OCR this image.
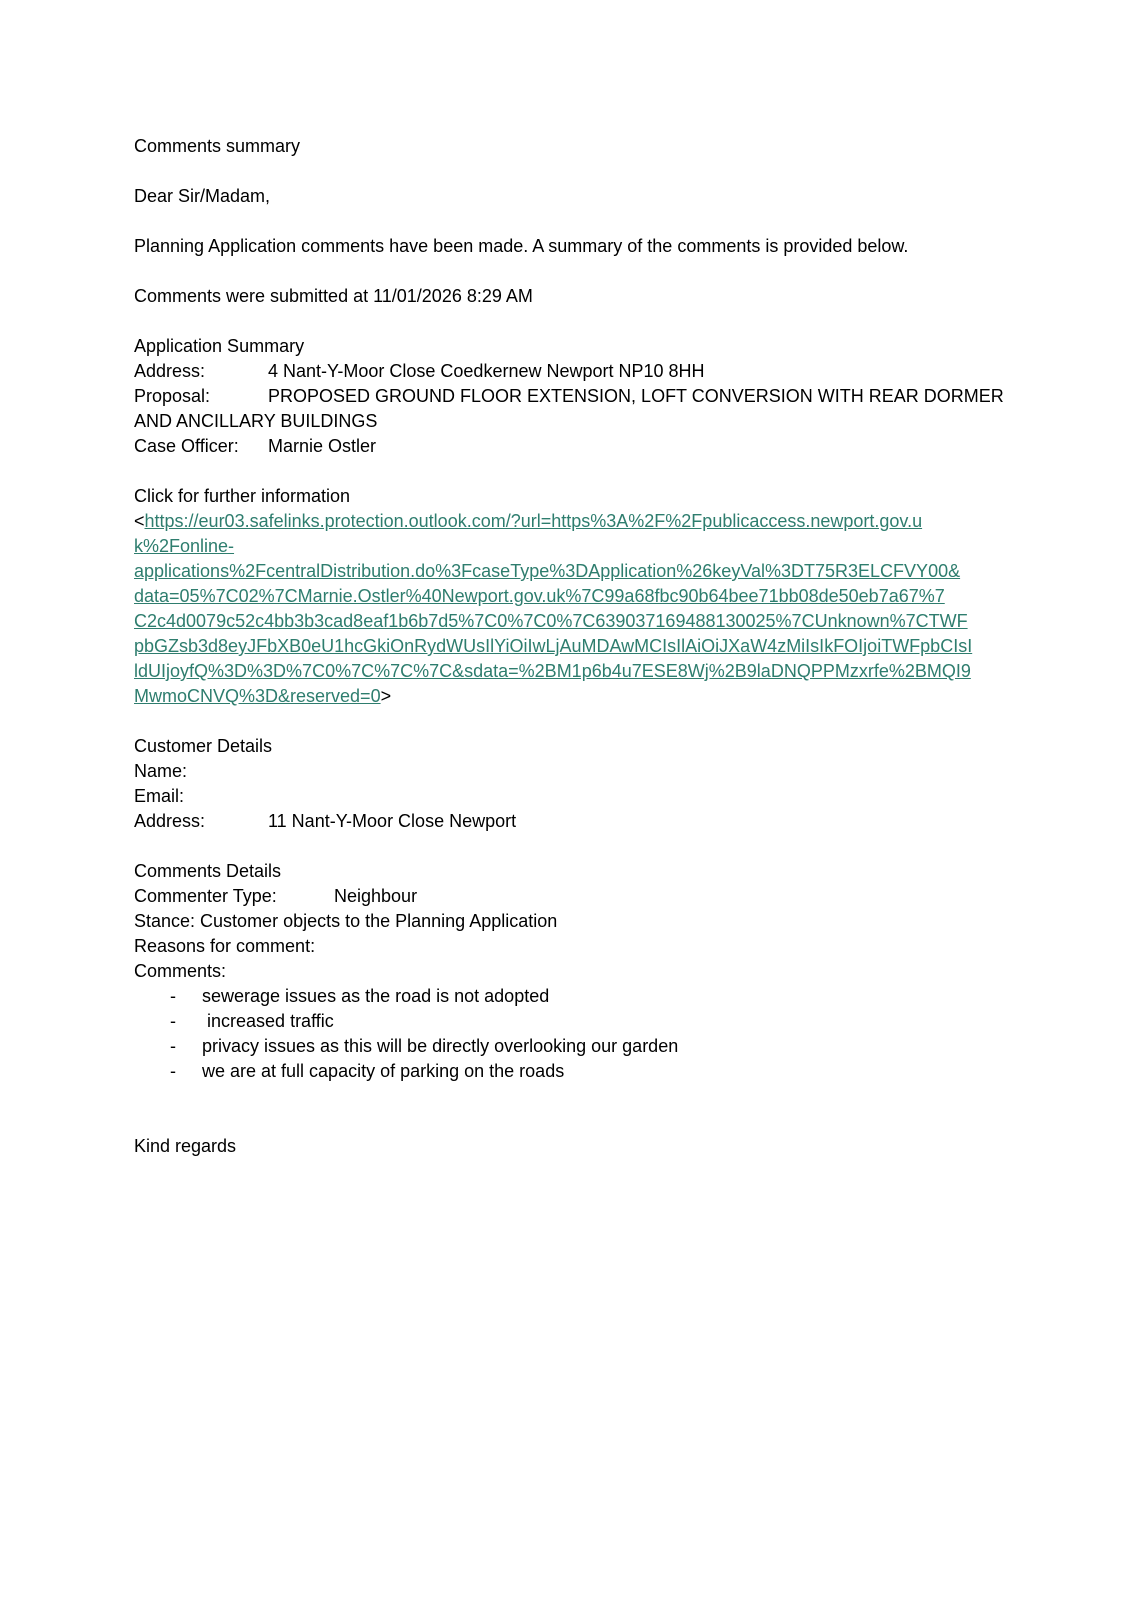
Comments summary

Dear Sir/Madam,

Planning Application comments have been made. A summary of the comments is provided below.

Comments were submitted at 11/01/2026 8:29 AM

Application Summary

Address:	4 Nant-Y-Moor Close Coedkernew Newport NP10 8HH

Proposal:	PROPOSED GROUND FLOOR EXTENSION, LOFT CONVERSION WITH REAR DORMER AND ANCILLARY BUILDINGS

Case Officer: Marnie Ostler

Click for further information

<https://eur03.safelinks.protection.outlook.com/?url=https%3A%2F%2Fpublicaccess.newport.gov.u
k%2Fonline-
applications%2FcentralDistribution.do%3FcaseType%3DApplication%26keyVal%3DT75R3ELCFVY00&
data=05%7C02%7CMarnie.Ostler%40Newport.gov.uk%7C99a68fbc90b64bee71bb08de50eb7a67%7
C2c4d0079c52c4bb3b3cad8eaf1b6b7d5%7C0%7C0%7C639037169488130025%7CUnknown%7CTWF
pbGZsb3d8eyJFbXB0eU1hcGkiOnRydWUsIlYiOiIwLjAuMDAwMCIsIlAiOiJXaW4zMiIsIkFOIjoiTWFpbCIsI
ldUIjoyfQ%3D%3D%7C0%7C%7C%7C&sdata=%2BM1p6b4u7ESE8Wj%2B9laDNQPPMzxrfe%2BMQI9
MwmoCNVQ%3D&reserved=0>

Customer Details

Name:

Email:

Address:	11 Nant-Y-Moor Close Newport

Comments Details

Commenter Type:	Neighbour

Stance: Customer objects to the Planning Application

Reasons for comment:

Comments:

-	sewerage issues as the road is not adopted

-	increased traffic

-	privacy issues as this will be directly overlooking our garden

-	we are at full capacity of parking on the roads

Kind regards
